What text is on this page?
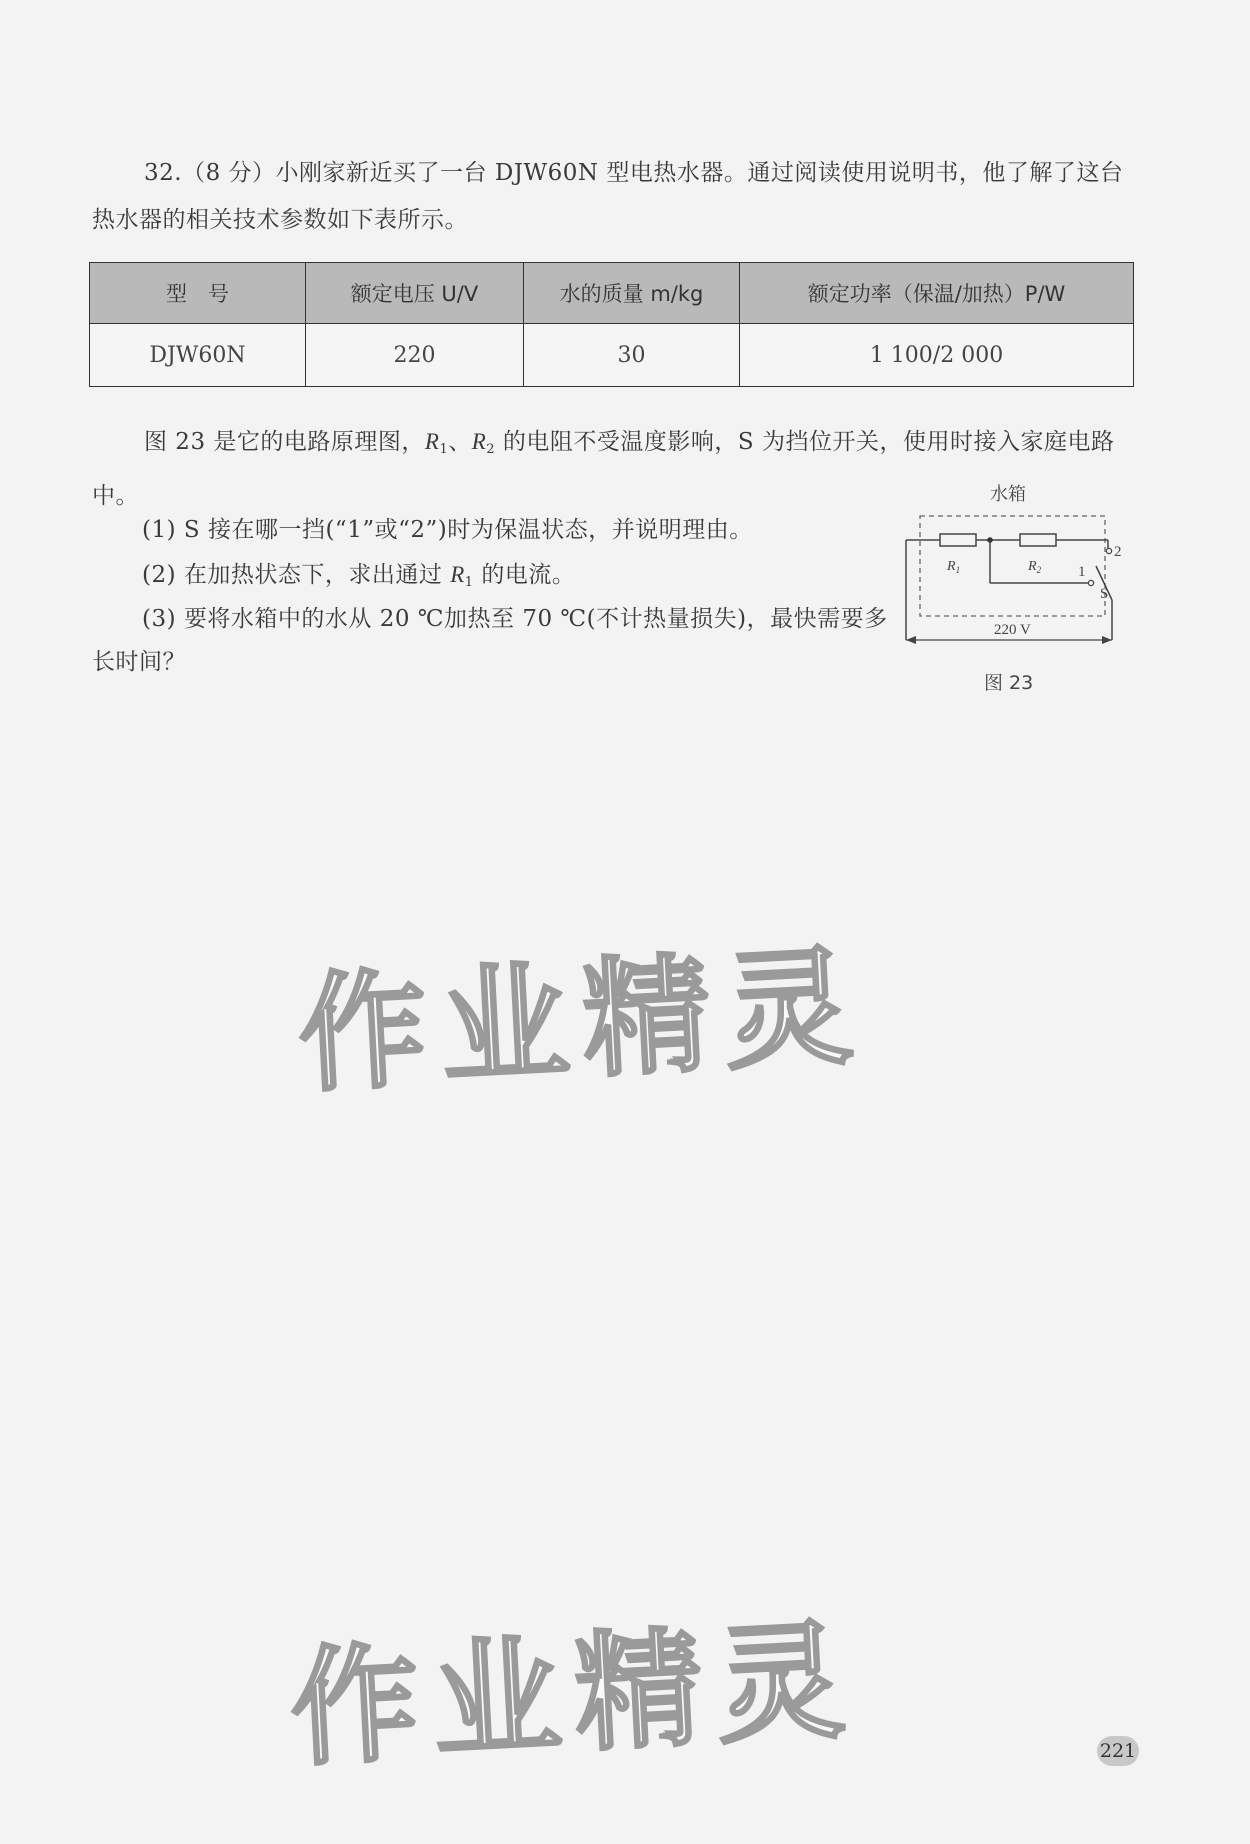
32.（8 分）小刚家新近买了一台 DJW60N 型电热水器。通过阅读使用说明书，他了解了这台热水器的相关技术参数如下表所示。

型　号	额定电压 U/V	水的质量 m/kg	额定功率（保温/加热）P/W
DJW60N	220	30	1 100/2 000

图 23 是它的电路原理图，$R_1$、$R_2$ 的电阻不受温度影响，S 为挡位开关，使用时接入家庭电路中。

(1) S 接在哪一挡(“1”或“2”)时为保温状态，并说明理由。
(2) 在加热状态下，求出通过 $R_1$ 的电流。

(3) 要将水箱中的水从 20 ℃加热至 70 ℃(不计热量损失)，最快需要多长时间？

水箱
$R_1$	$R_2$
2
1
S
220 V
图 23
作业精灵
作业精灵	221
